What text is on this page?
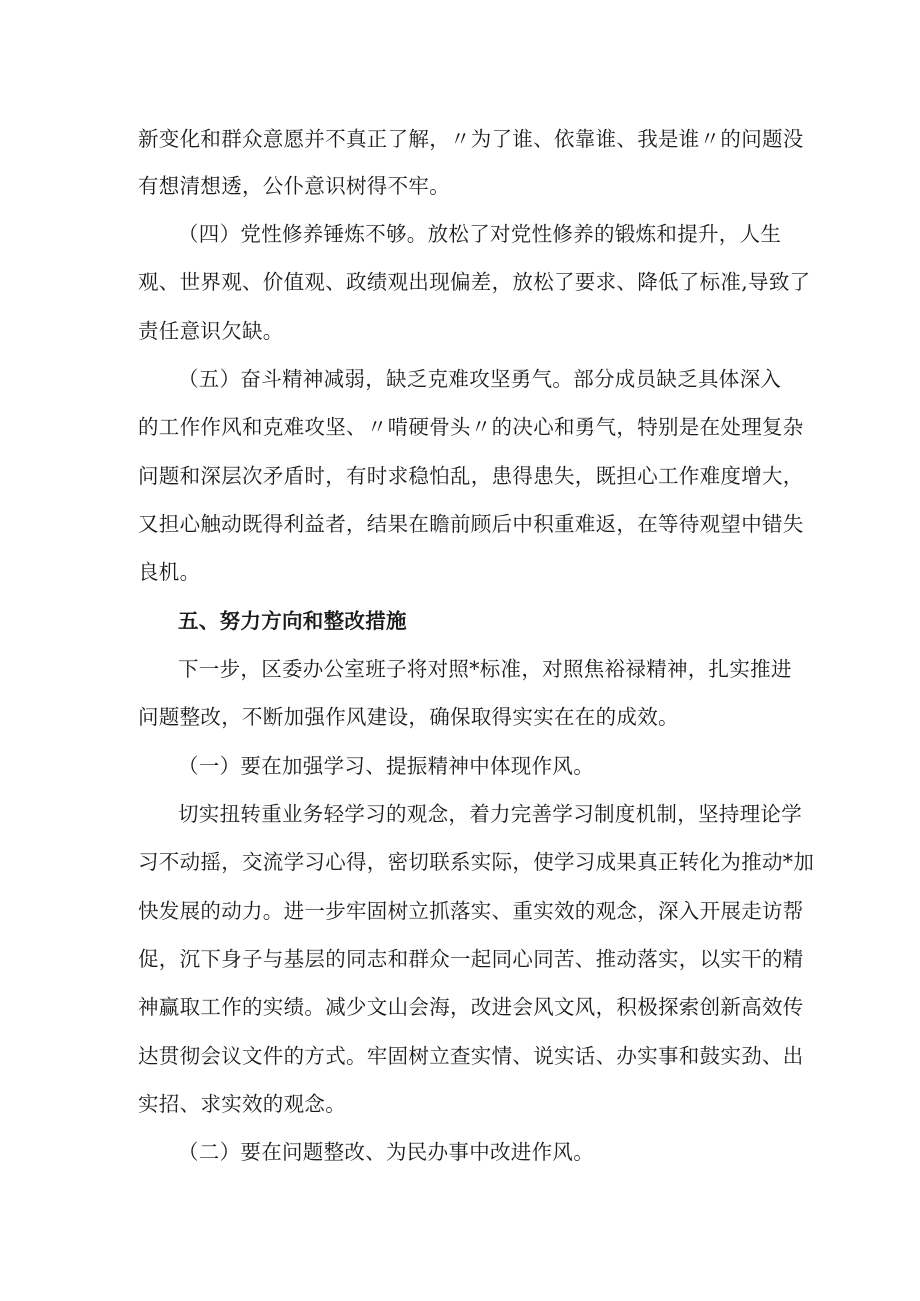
新变化和群众意愿并不真正了解，〃为了谁、依靠谁、我是谁〃的问题没
有想清想透，公仆意识树得不牢。
（四）党性修养锤炼不够。放松了对党性修养的锻炼和提升，人生
观、世界观、价值观、政绩观出现偏差，放松了要求、降低了标准,导致了
责任意识欠缺。
（五）奋斗精神减弱，缺乏克难攻坚勇气。部分成员缺乏具体深入
的工作作风和克难攻坚、〃啃硬骨头〃的决心和勇气，特别是在处理复杂
问题和深层次矛盾时，有时求稳怕乱，患得患失，既担心工作难度增大，
又担心触动既得利益者，结果在瞻前顾后中积重难返，在等待观望中错失
良机。
五、努力方向和整改措施
下一步，区委办公室班子将对照*标准，对照焦裕禄精神，扎实推进
问题整改，不断加强作风建设，确保取得实实在在的成效。
（一）要在加强学习、提振精神中体现作风。
切实扭转重业务轻学习的观念，着力完善学习制度机制，坚持理论学
习不动摇，交流学习心得，密切联系实际，使学习成果真正转化为推动*加
快发展的动力。进一步牢固树立抓落实、重实效的观念，深入开展走访帮
促，沉下身子与基层的同志和群众一起同心同苦、推动落实，以实干的精
神赢取工作的实绩。减少文山会海，改进会风文风，积极探索创新高效传
达贯彻会议文件的方式。牢固树立查实情、说实话、办实事和鼓实劲、出
实招、求实效的观念。
（二）要在问题整改、为民办事中改进作风。
